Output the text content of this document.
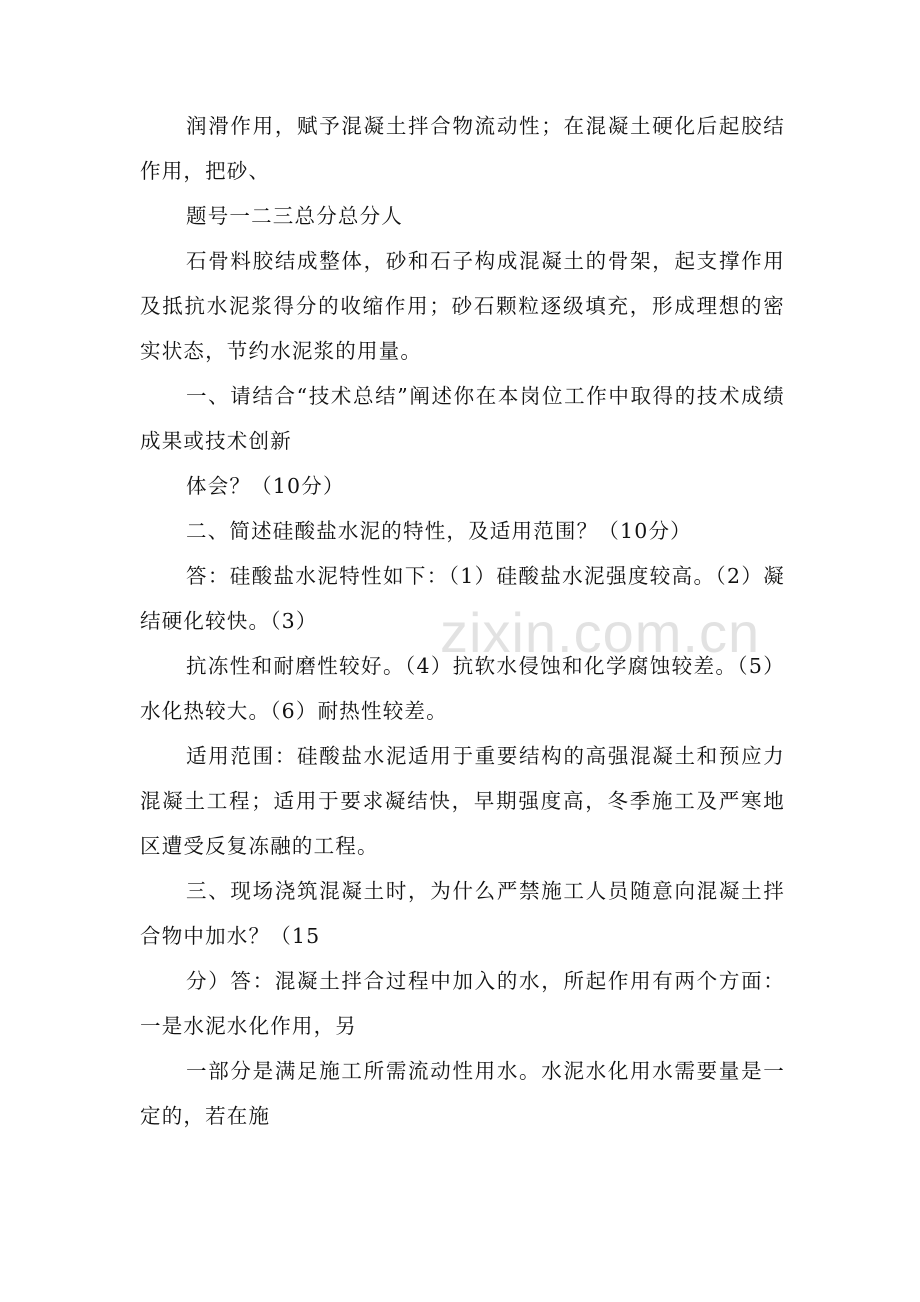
润滑作用，赋予混凝土拌合物流动性；在混凝土硬化后起胶结作用，把砂、

题号一二三总分总分人

石骨料胶结成整体，砂和石子构成混凝土的骨架，起支撑作用及抵抗水泥浆得分的收缩作用；砂石颗粒逐级填充，形成理想的密实状态，节约水泥浆的用量。

一、请结合“技术总结”阐述你在本岗位工作中取得的技术成绩成果或技术创新

体会？（10分）

二、简述硅酸盐水泥的特性，及适用范围？（10分）

答：硅酸盐水泥特性如下：（1）硅酸盐水泥强度较高。（2）凝结硬化较快。（3）

抗冻性和耐磨性较好。（4）抗软水侵蚀和化学腐蚀较差。（5）水化热较大。（6）耐热性较差。

适用范围：硅酸盐水泥适用于重要结构的高强混凝土和预应力混凝土工程；适用于要求凝结快，早期强度高，冬季施工及严寒地区遭受反复冻融的工程。

三、现场浇筑混凝土时，为什么严禁施工人员随意向混凝土拌合物中加水？（15

分）答：混凝土拌合过程中加入的水，所起作用有两个方面：一是水泥水化作用，另

一部分是满足施工所需流动性用水。水泥水化用水需要量是一定的，若在施

zixin.com.cn
